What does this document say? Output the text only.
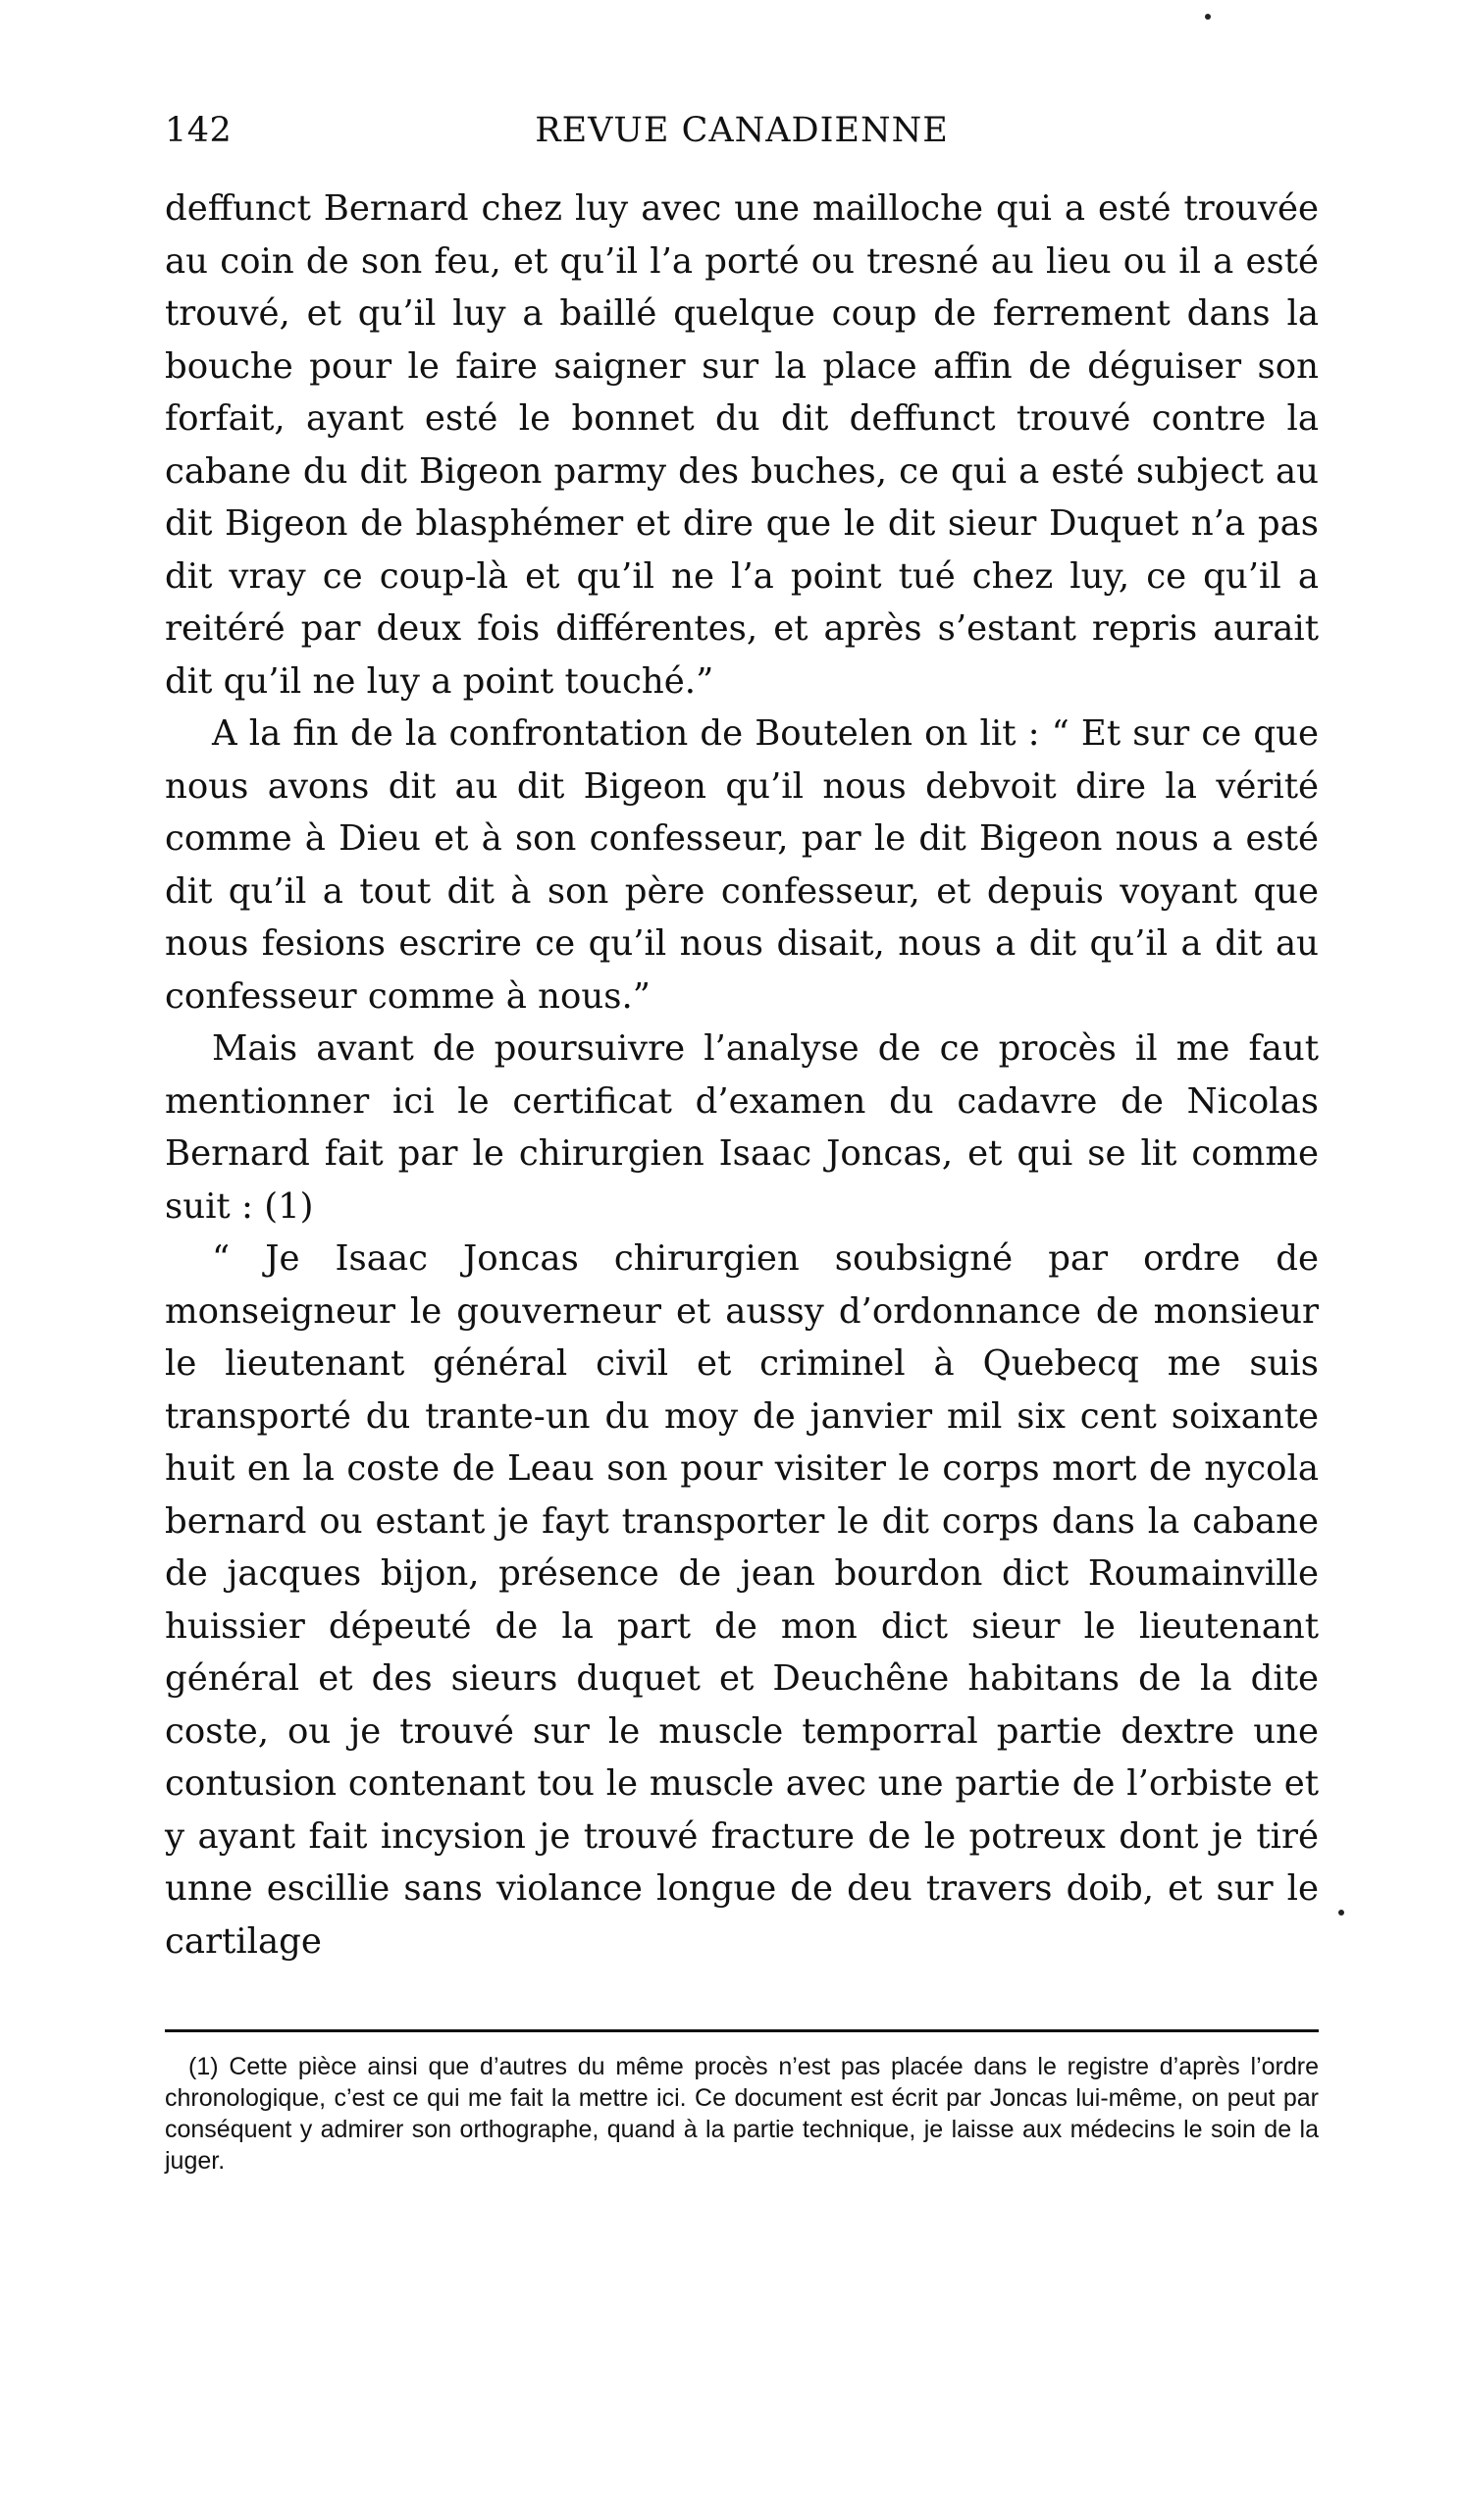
142	REVUE CANADIENNE

deffunct Bernard chez luy avec une mailloche qui a esté trouvée au coin de son feu, et qu’il l’a porté ou tresné au lieu ou il a esté trouvé, et qu’il luy a baillé quelque coup de ferrement dans la bouche pour le faire saigner sur la place affin de déguiser son forfait, ayant esté le bonnet du dit deffunct trouvé contre la cabane du dit Bigeon parmy des buches, ce qui a esté subject au dit Bigeon de blasphémer et dire que le dit sieur Duquet n’a pas dit vray ce coup-là et qu’il ne l’a point tué chez luy, ce qu’il a reitéré par deux fois différentes, et après s’estant repris aurait dit qu’il ne luy a point touché.”

A la fin de la confrontation de Boutelen on lit : “ Et sur ce que nous avons dit au dit Bigeon qu’il nous debvoit dire la vérité comme à Dieu et à son confesseur, par le dit Bigeon nous a esté dit qu’il a tout dit à son père confesseur, et depuis voyant que nous fesions escrire ce qu’il nous disait, nous a dit qu’il a dit au confesseur comme à nous.”

Mais avant de poursuivre l’analyse de ce procès il me faut mentionner ici le certificat d’examen du cadavre de Nicolas Bernard fait par le chirurgien Isaac Joncas, et qui se lit comme suit : (1)

“ Je Isaac Joncas chirurgien soubsigné par ordre de monseigneur le gouverneur et aussy d’ordonnance de monsieur le lieutenant général civil et criminel à Quebecq me suis transporté du trante-un du moy de janvier mil six cent soixante huit en la coste de Leau son pour visiter le corps mort de nycola bernard ou estant je fayt transporter le dit corps dans la cabane de jacques bijon, présence de jean bourdon dict Roumainville huissier dépeuté de la part de mon dict sieur le lieutenant général et des sieurs duquet et Deuchêne habitans de la dite coste, ou je trouvé sur le muscle temporral partie dextre une contusion contenant tou le muscle avec une partie de l’orbiste et y ayant fait incysion je trouvé fracture de le potreux dont je tiré unne escillie sans violance longue de deu travers doib, et sur le cartilage

(1) Cette pièce ainsi que d’autres du même procès n’est pas placée dans le registre d’après l’ordre chronologique, c’est ce qui me fait la mettre ici. Ce document est écrit par Joncas lui-même, on peut par conséquent y admirer son orthographe, quand à la partie technique, je laisse aux médecins le soin de la juger.
